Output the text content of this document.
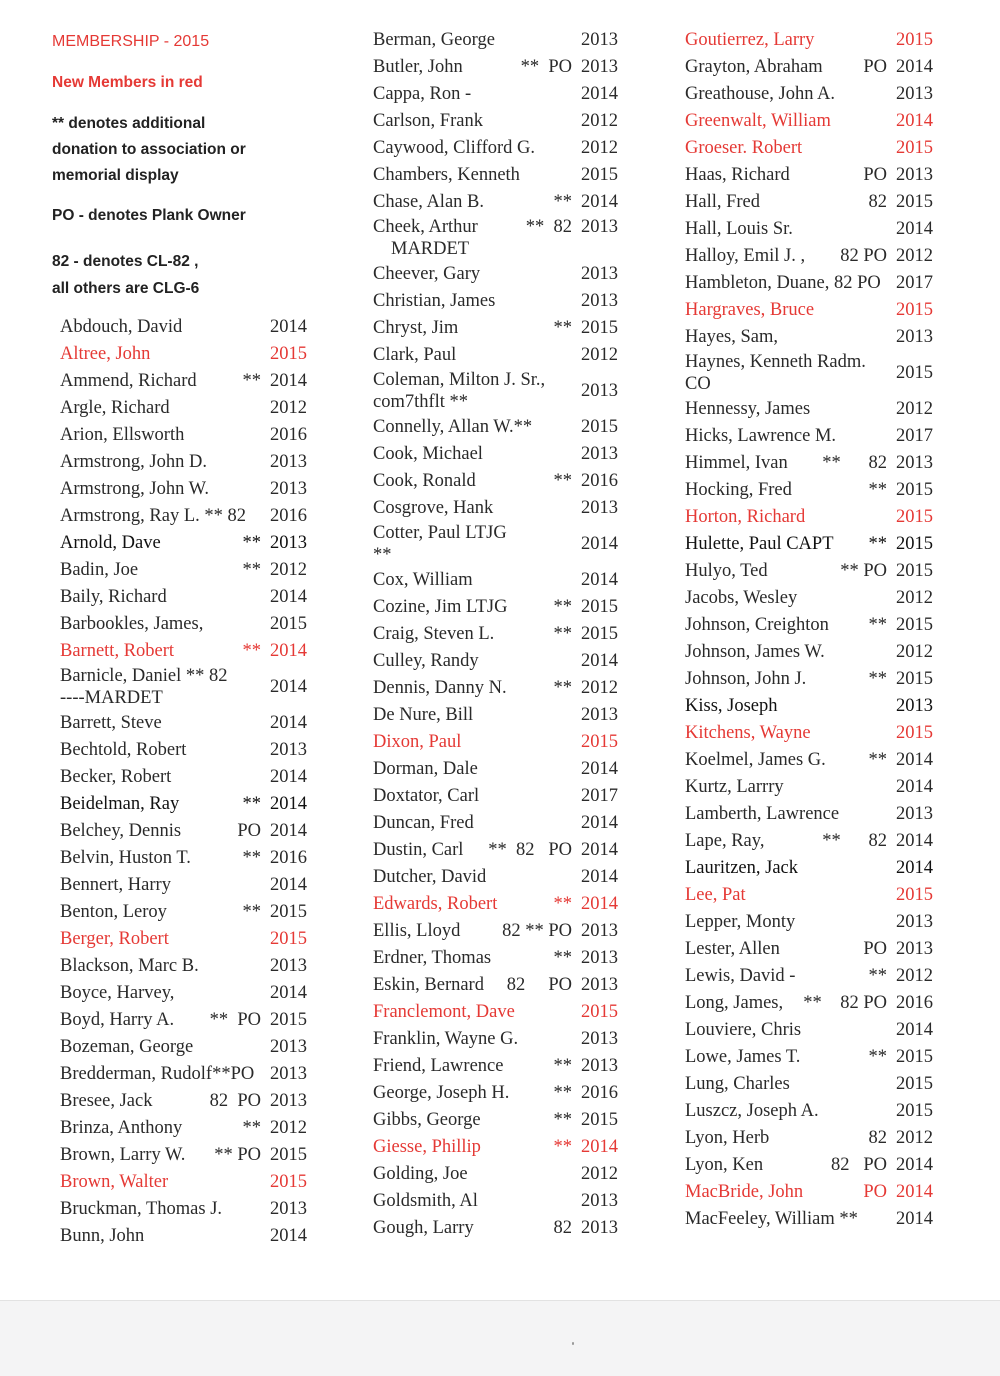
MEMBERSHIP - 2015
New Members in red
** denotes additional
donation to association or
memorial display
PO - denotes Plank Owner
82 - denotes CL-82 ,
all others are CLG-6
Abdouch, David	2014
Altree, John	2015
Ammend, Richard ** 2014
Argle, Richard	2012
Arion, Ellsworth	2016
Armstrong, John D.	2013
Armstrong, John W.	2013
Armstrong, Ray L. ** 82 2016
Arnold, Dave	** 2013
Badin, Joe	** 2012
Baily, Richard	2014
Barbookles, James,	2015
Barnett, Robert	** 2014
Barnicle, Daniel ** 82
----MARDET
2014
Barrett, Steve	2014
Bechtold, Robert	2013
Becker, Robert	2014
Beidelman, Ray	** 2014
Belchey, Dennis	PO 2014
Belvin, Huston T.	** 2016
Bennert, Harry	2014
Benton, Leroy	** 2015
Berger, Robert	2015
Blackson, Marc B.	2013
Boyce, Harvey,	2014
Boyd, Harry A. **  PO 2015
Bozeman, George	2013
Bredderman, Rudolf**PO 2013
Bresee, Jack	82  PO 2013
Brinza, Anthony	** 2012
Brown, Larry W. ** PO 2015
Brown, Walter	2015
Bruckman, Thomas J.	2013
Bunn, John	2014
Berman, George	2013
Butler, John	**  PO 2013
Cappa, Ron -	2014
Carlson, Frank	2012
Caywood, Clifford G. 2012
Chambers, Kenneth	2015
Chase, Alan B.	** 2014
Cheek, Arthur
MARDET
**  82 2013
Cheever, Gary	2013
Christian, James	2013
Chryst, Jim	** 2015
Clark, Paul	2012
Coleman, Milton J. Sr.,
com7thflt **
2013
Connelly, Allan W.**	2015
Cook, Michael	2013
Cook, Ronald	** 2016
Cosgrove, Hank	2013
Cotter, Paul LTJG
**
2014
Cox, William	2014
Cozine, Jim LTJG ** 2015
Craig, Steven L.	** 2015
Culley, Randy	2014
Dennis, Danny N.	** 2012
De Nure, Bill	2013
Dixon, Paul	2015
Dorman, Dale	2014
Doxtator, Carl	2017
Duncan, Fred	2014
Dustin, Carl **  82   PO 2014
Dutcher, David	2014
Edwards, Robert	** 2014
Ellis, Lloyd 82 ** PO 2013
Erdner, Thomas	** 2013
Eskin, Bernard 82     PO 2013
Franclemont, Dave	2015
Franklin, Wayne G.	2013
Friend, Lawrence	** 2013
George, Joseph H. ** 2016
Gibbs, George	** 2015
Giesse, Phillip	** 2014
Golding, Joe	2012
Goldsmith, Al	2013
Gough, Larry	82 2013
Goutierrez, Larry	2015
Grayton, Abraham PO 2014
Greathouse, John A.	2013
Greenwalt, William	2014
Groeser. Robert	2015
Haas, Richard	PO 2013
Hall, Fred	82 2015
Hall, Louis Sr.	2014
Halloy, Emil J. , 82 PO 2012
Hambleton, Duane, 82 PO 2017
Hargraves, Bruce	2015
Hayes, Sam,	2013
Haynes, Kenneth Radm.
CO
2015
Hennessy, James	2012
Hicks, Lawrence M.	2017
Himmel, Ivan **      82 2013
Hocking, Fred	** 2015
Horton, Richard	2015
Hulette, Paul CAPT ** 2015
Hulyo, Ted	** PO 2015
Jacobs, Wesley	2012
Johnson, Creighton ** 2015
Johnson, James W.	2012
Johnson, John J.	** 2015
Kiss, Joseph	2013
Kitchens, Wayne	2015
Koelmel, James G. ** 2014
Kurtz, Larrry	2014
Lamberth, Lawrence	2013
Lape, Ray,	**      82 2014
Lauritzen, Jack	2014
Lee, Pat	2015
Lepper, Monty	2013
Lester, Allen	PO 2013
Lewis, David -	** 2012
Long, James, **    82 PO 2016
Louviere, Chris	2014
Lowe, James T.	** 2015
Lung, Charles	2015
Luszcz, Joseph A.	2015
Lyon, Herb	82 2012
Lyon, Ken	82   PO 2014
MacBride, John	PO 2014
MacFeeley, William ** 2014
